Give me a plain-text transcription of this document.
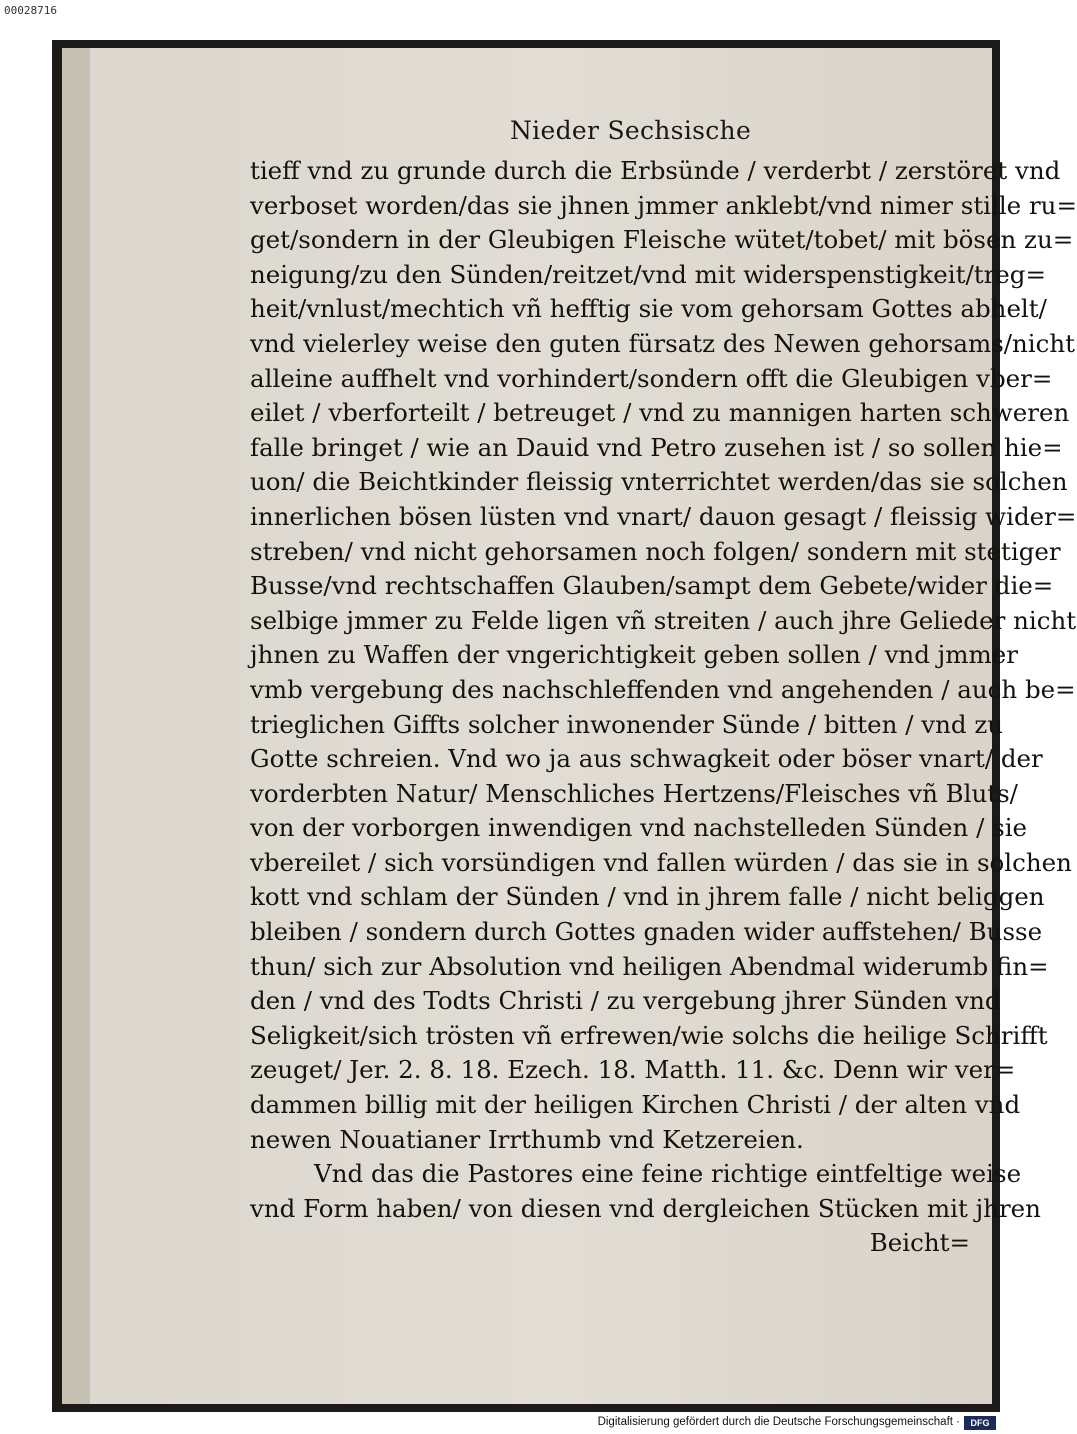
00028716
Nieder Sechsische
tieff vnd zu grunde durch die Erbsünde / verderbt / zerstöret vnd
verboset worden/das sie jhnen jmmer anklebt/vnd nimer stille ru=
get/sondern in der Gleubigen Fleische wütet/tobet/ mit bösen zu=
neigung/zu den Sünden/reitzet/vnd mit widerspenstigkeit/treg=
heit/vnlust/mechtich vñ hefftig sie vom gehorsam Gottes abhelt/
vnd vielerley weise den guten fürsatz des Newen gehorsams/nicht
alleine auffhelt vnd vorhindert/sondern offt die Gleubigen vber=
eilet / vberforteilt / betreuget / vnd zu mannigen harten schweren
falle bringet / wie an Dauid vnd Petro zusehen ist / so sollen hie=
uon/ die Beichtkinder fleissig vnterrichtet werden/das sie solchen
innerlichen bösen lüsten vnd vnart/ dauon gesagt / fleissig wider=
streben/ vnd nicht gehorsamen noch folgen/ sondern mit stetiger
Busse/vnd rechtschaffen Glauben/sampt dem Gebete/wider die=
selbige jmmer zu Felde ligen vñ streiten / auch jhre Gelieder nicht
jhnen zu Waffen der vngerichtigkeit geben sollen / vnd jmmer
vmb vergebung des nachschleffenden vnd angehenden / auch be=
trieglichen Giffts solcher inwonender Sünde / bitten / vnd zu
Gotte schreien. Vnd wo ja aus schwagkeit oder böser vnart/ der
vorderbten Natur/ Menschliches Hertzens/Fleisches vñ Bluts/
von der vorborgen inwendigen vnd nachstelleden Sünden / sie
vbereilet / sich vorsündigen vnd fallen würden / das sie in solchen
kott vnd schlam der Sünden / vnd in jhrem falle / nicht beliggen
bleiben / sondern durch Gottes gnaden wider auffstehen/ Busse
thun/ sich zur Absolution vnd heiligen Abendmal widerumb fin=
den / vnd des Todts Christi / zu vergebung jhrer Sünden vnd
Seligkeit/sich trösten vñ erfrewen/wie solchs die heilige Schrifft
zeuget/ Jer. 2. 8. 18. Ezech. 18. Matth. 11. &c. Denn wir ver=
dammen billig mit der heiligen Kirchen Christi / der alten vnd
newen Nouatianer Irrthumb vnd Ketzereien.
Vnd das die Pastores eine feine richtige eintfeltige weise
vnd Form haben/ von diesen vnd dergleichen Stücken mit jhren
Beicht=
Digitalisierung gefördert durch die Deutsche Forschungsgemeinschaft ·	DFG
